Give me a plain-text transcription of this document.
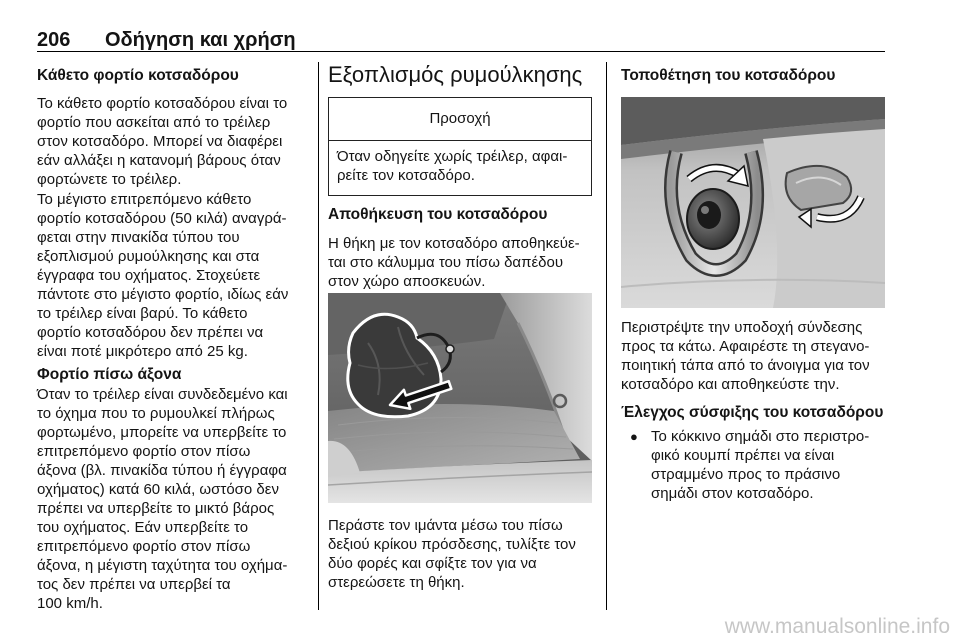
206 Οδήγηση και χρήση
Κάθετο φορτίο κοτσαδόρου
Το κάθετο φορτίο κοτσαδόρου είναι το
φορτίο που ασκείται από το τρέιλερ
στον κοτσαδόρο. Μπορεί να διαφέρει
εάν αλλάξει η κατανομή βάρους όταν
φορτώνετε το τρέιλερ.
Το μέγιστο επιτρεπόμενο κάθετο
φορτίο κοτσαδόρου (50 κιλά) αναγρά-
φεται στην πινακίδα τύπου του
εξοπλισμού ρυμούλκησης και στα
έγγραφα του οχήματος. Στοχεύετε
πάντοτε στο μέγιστο φορτίο, ιδίως εάν
το τρέιλερ είναι βαρύ. Το κάθετο
φορτίο κοτσαδόρου δεν πρέπει να
είναι ποτέ μικρότερο από 25 kg.
Φορτίο πίσω άξονα
Όταν το τρέιλερ είναι συνδεδεμένο και
το όχημα που το ρυμουλκεί πλήρως
φορτωμένο, μπορείτε να υπερβείτε το
επιτρεπόμενο φορτίο στον πίσω
άξονα (βλ. πινακίδα τύπου ή έγγραφα
οχήματος) κατά 60 κιλά, ωστόσο δεν
πρέπει να υπερβείτε το μικτό βάρος
του οχήματος. Εάν υπερβείτε το
επιτρεπόμενο φορτίο στον πίσω
άξονα, η μέγιστη ταχύτητα του οχήμα-
τος δεν πρέπει να υπερβεί τα
100 km/h.
Εξοπλισμός ρυμούλκησης
Προσοχή
Όταν οδηγείτε χωρίς τρέιλερ, αφαι-
ρείτε τον κοτσαδόρο.
Αποθήκευση του κοτσαδόρου
Η θήκη με τον κοτσαδόρο αποθηκεύε-
ται στο κάλυμμα του πίσω δαπέδου
στον χώρο αποσκευών.
Περάστε τον ιμάντα μέσω του πίσω
δεξιού κρίκου πρόσδεσης, τυλίξτε τον
δύο φορές και σφίξτε τον για να
στερεώσετε τη θήκη.
Τοποθέτηση του κοτσαδόρου
Περιστρέψτε την υποδοχή σύνδεσης
προς τα κάτω. Αφαιρέστε τη στεγανο-
ποιητική τάπα από το άνοιγμα για τον
κοτσαδόρο και αποθηκεύστε την.
Έλεγχος σύσφιξης του κοτσαδόρου
● Το κόκκινο σημάδι στο περιστρο-
φικό κουμπί πρέπει να είναι
στραμμένο προς το πράσινο
σημάδι στον κοτσαδόρο.
www.manualsonline.info
